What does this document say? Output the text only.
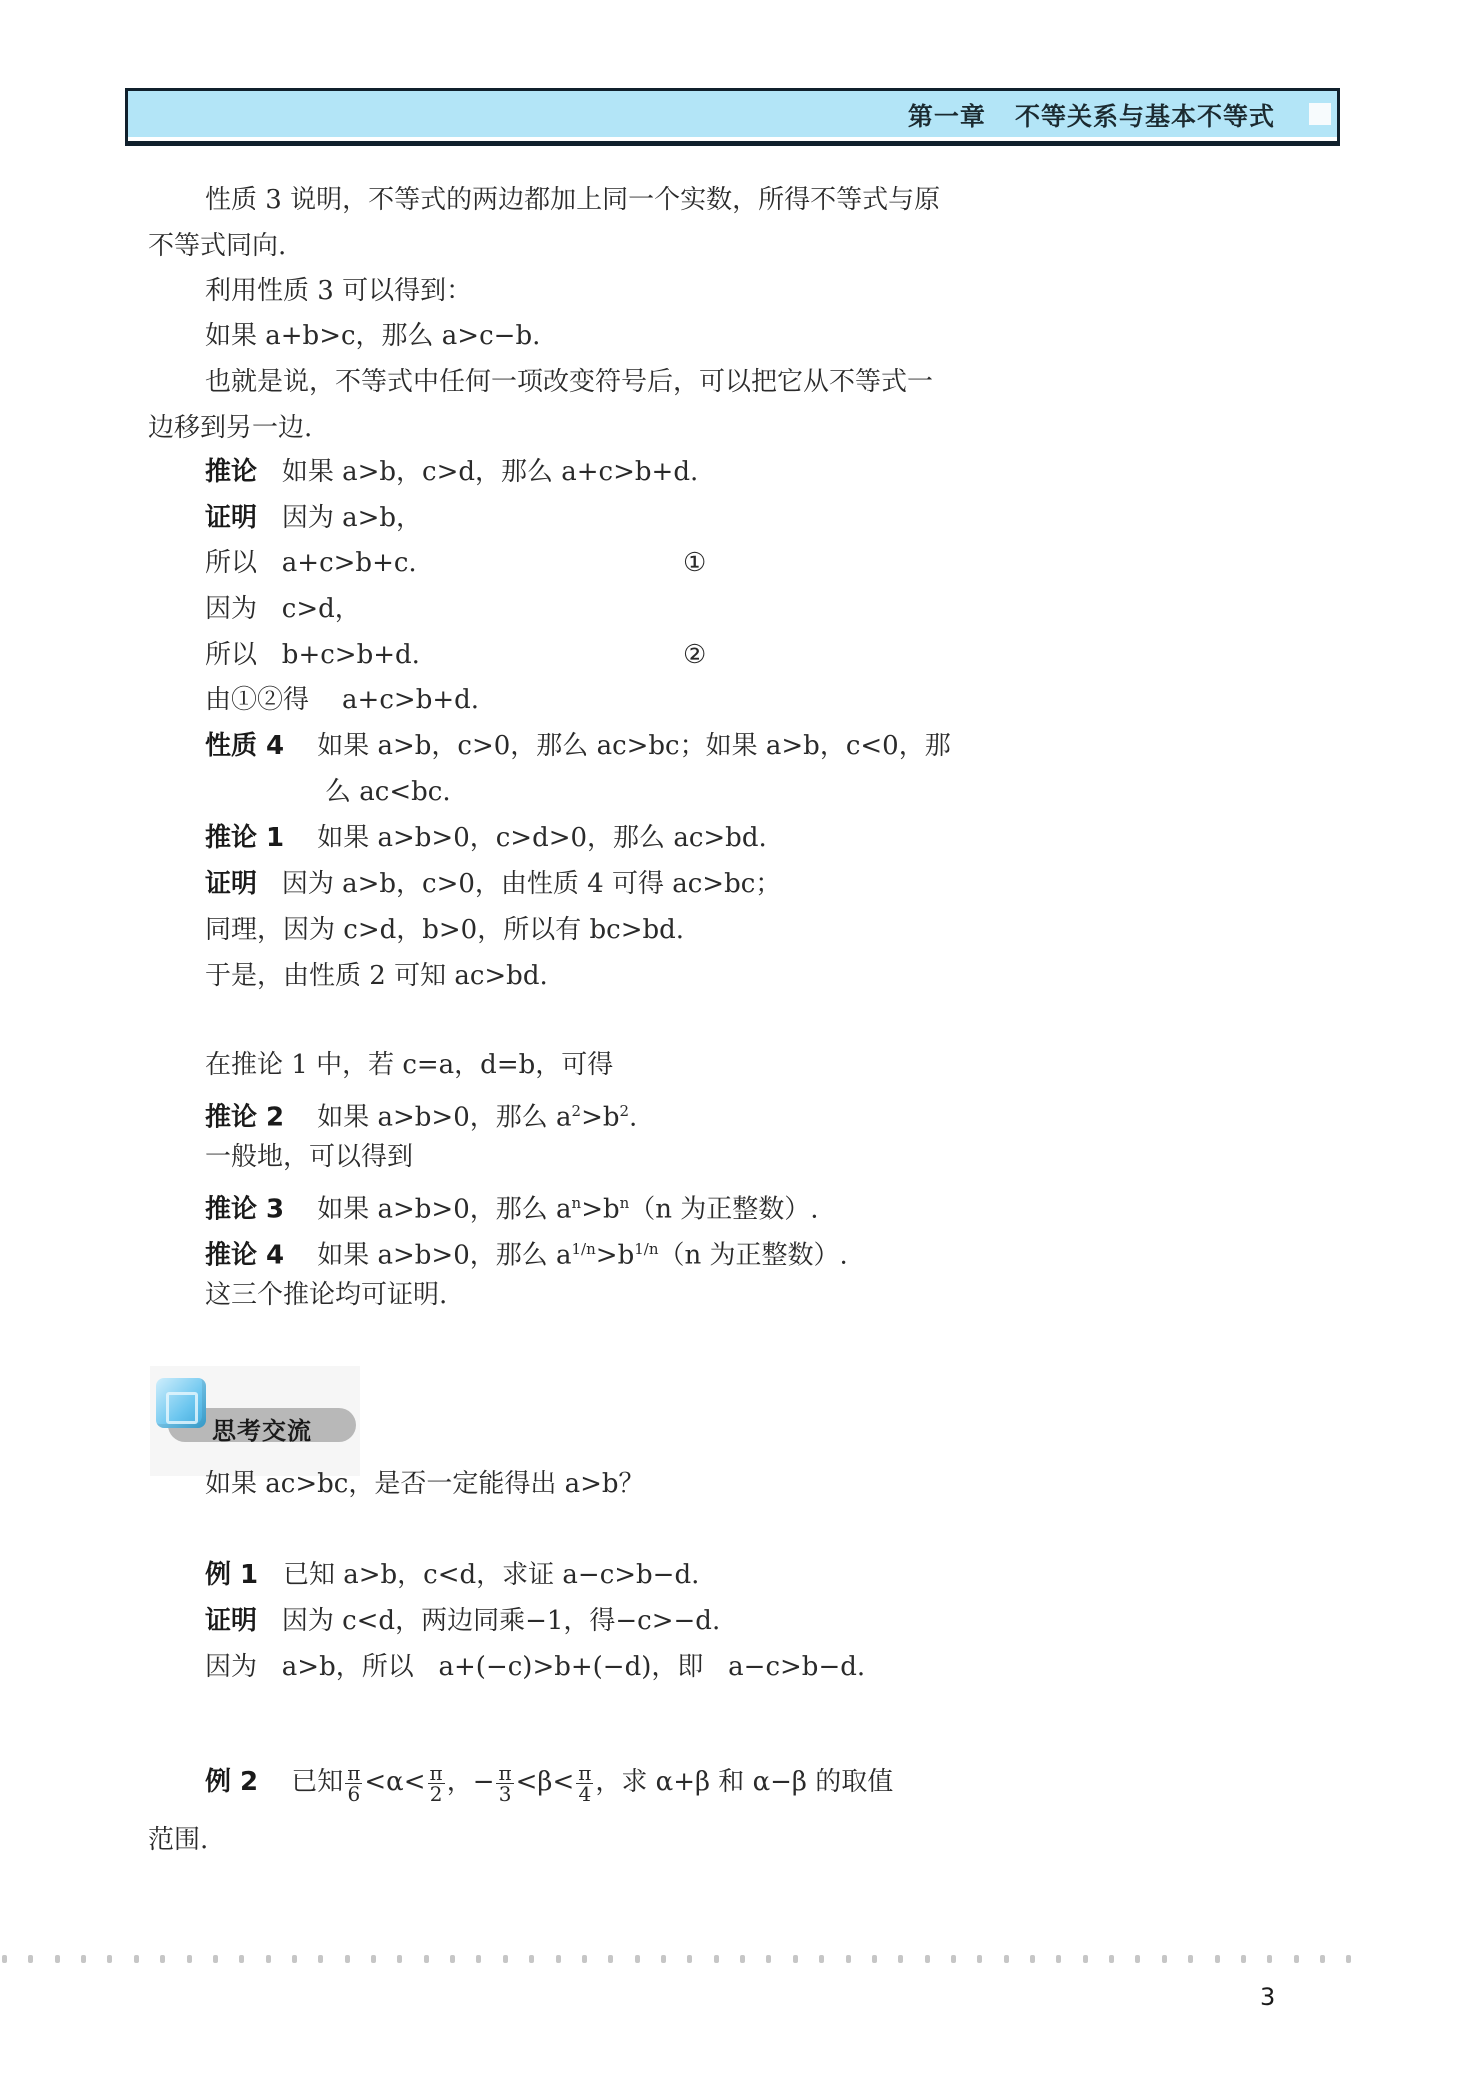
第一章 不等关系与基本不等式
性质 3 说明，不等式的两边都加上同一个实数，所得不等式与原
不等式同向.
利用性质 3 可以得到：
如果 a+b>c，那么 a>c−b.
也就是说，不等式中任何一项改变符号后，可以把它从不等式一
边移到另一边.
推论 如果 a>b，c>d，那么 a+c>b+d.
证明 因为 a>b，
所以   a+c>b+c.	①
因为   c>d，
所以   b+c>b+d.	②
由①②得    a+c>b+d.
性质 4 如果 a>b，c>0，那么 ac>bc；如果 a>b，c<0，那
么 ac<bc.
推论 1 如果 a>b>0，c>d>0，那么 ac>bd.
证明 因为 a>b，c>0，由性质 4 可得 ac>bc；
同理，因为 c>d，b>0，所以有 bc>bd.
于是，由性质 2 可知 ac>bd.
在推论 1 中，若 c=a，d=b，可得
推论 2 如果 a>b>0，那么 $a^2>b^2$.
一般地，可以得到
推论 3 如果 a>b>0，那么 $a^n>b^n(n$ 为正整数）.
推论 4 如果 a>b>0，那么 $a^{1/n}>b^{1/n}(n$ 为正整数）.
这三个推论均可证明.
思考交流
如果 ac>bc，是否一定能得出 a>b？
例 1 已知 a>b，c<d，求证 a−c>b−d.
证明 因为 c<d，两边同乘−1，得−c>−d.
因为   a>b，所以   a+(−c)>b+(−d)，即   a−c>b−d.
例 2 已知 $\frac{\pi}{6} <\alpha< \frac{\pi}{2}$ ，− $\frac{\pi}{3} <\beta< \frac{\pi}{4}$ ，求 α+β 和 α−β 的取值
范围.
3
